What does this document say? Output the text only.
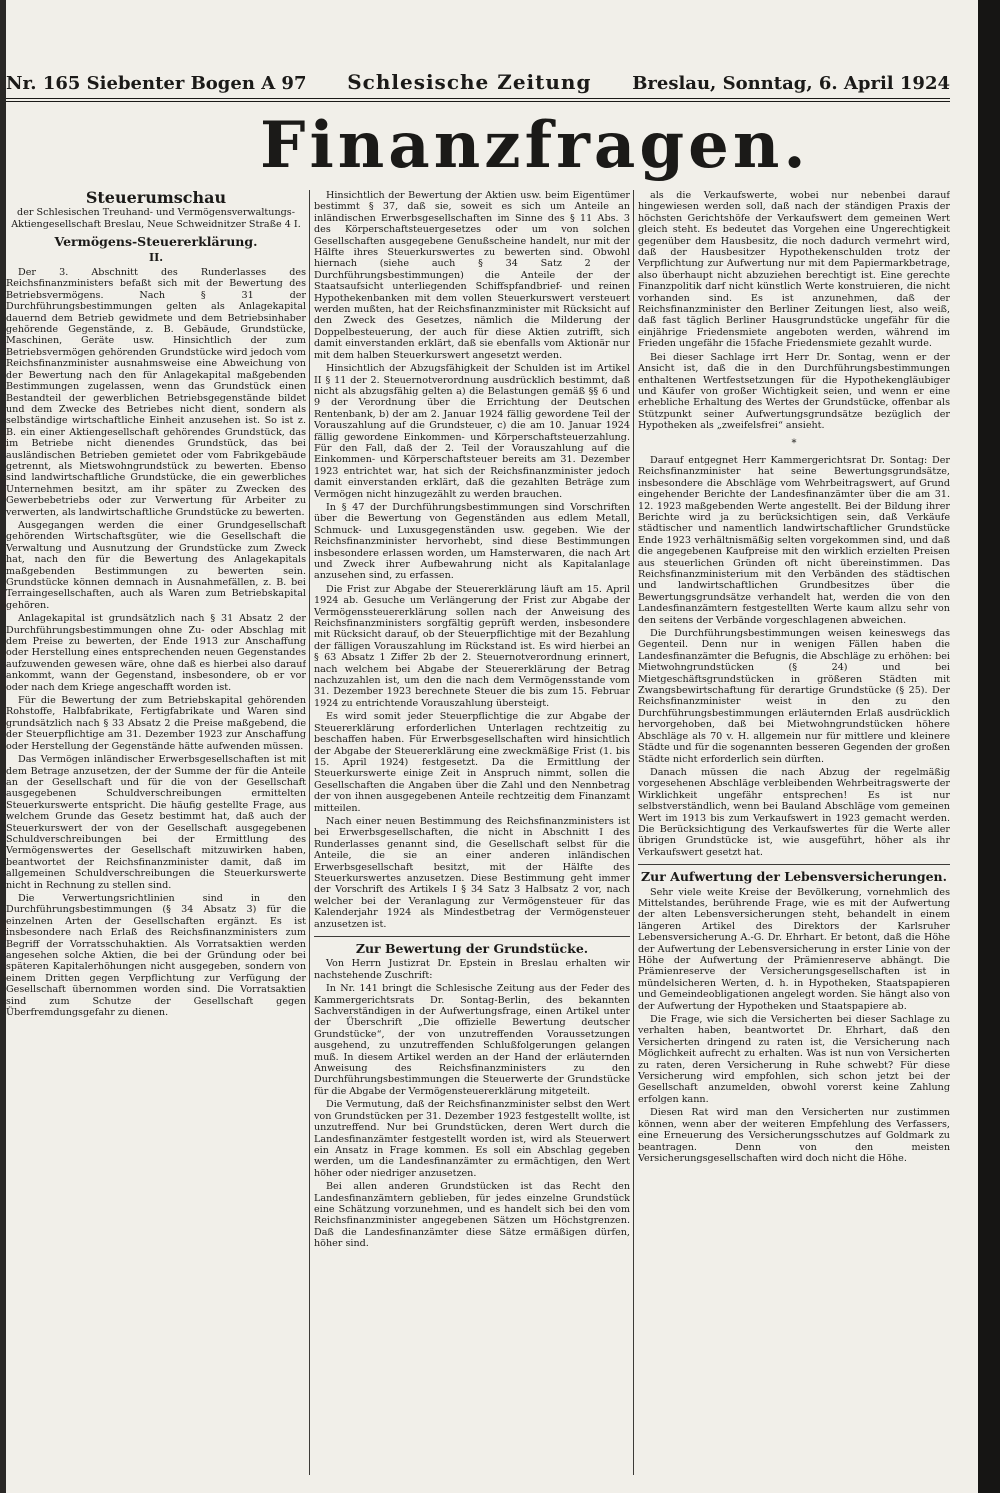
Nr. 165 Siebenter Bogen A 97 Schlesische Zeitung Breslau, Sonntag, 6. April 1924
Finanzfragen.
Steuerumschau
der Schlesischen Treuhand- und Vermögensverwaltungs-Aktiengesellschaft Breslau, Neue Schweidnitzer Straße 4 I.
Vermögens-Steuererklärung.
II.

Der 3. Abschnitt des Runderlasses des Reichsfinanzministers befaßt sich mit der Bewertung des Betriebsvermögens. Nach § 31 der Durchführungsbestimmungen gelten als Anlagekapital dauernd dem Betrieb gewidmete und dem Betriebsinhaber gehörende Gegenstände, z. B. Gebäude, Grundstücke, Maschinen, Geräte usw. Hinsichtlich der zum Betriebsvermögen gehörenden Grundstücke wird jedoch vom Reichsfinanzminister ausnahmsweise eine Abweichung von der Bewertung nach den für Anlagekapital maßgebenden Bestimmungen zugelassen, wenn das Grundstück einen Bestandteil der gewerblichen Betriebsgegenstände bildet und dem Zwecke des Betriebes nicht dient, sondern als selbständige wirtschaftliche Einheit anzusehen ist. So ist z. B. ein einer Aktiengesellschaft gehörendes Grundstück, das im Betriebe nicht dienendes Grundstück, das bei ausländischen Betrieben gemietet oder vom Fabrikgebäude getrennt, als Mietswohngrundstück zu bewerten. Ebenso sind landwirtschaftliche Grundstücke, die ein gewerbliches Unternehmen besitzt, am ihr später zu Zwecken des Gewerbebetriebs oder zur Verwertung für Arbeiter zu verwerten, als landwirtschaftliche Grundstücke zu bewerten.

Ausgegangen werden die einer Grundgesellschaft gehörenden Wirtschaftsgüter, wie die Gesellschaft die Verwaltung und Ausnutzung der Grundstücke zum Zweck hat, nach den für die Bewertung des Anlagekapitals maßgebenden Bestimmungen zu bewerten sein. Grundstücke können demnach in Ausnahmefällen, z. B. bei Terraingesellschaften, auch als Waren zum Betriebskapital gehören.

Anlagekapital ist grundsätzlich nach § 31 Absatz 2 der Durchführungsbestimmungen ohne Zu- oder Abschlag mit dem Preise zu bewerten, der Ende 1913 zur Anschaffung oder Herstellung eines entsprechenden neuen Gegenstandes aufzuwenden gewesen wäre, ohne daß es hierbei also darauf ankommt, wann der Gegenstand, insbesondere, ob er vor oder nach dem Kriege angeschafft worden ist.

Für die Bewertung der zum Betriebskapital gehörenden Rohstoffe, Halbfabrikate, Fertigfabrikate und Waren sind grundsätzlich nach § 33 Absatz 2 die Preise maßgebend, die der Steuerpflichtige am 31. Dezember 1923 zur Anschaffung oder Herstellung der Gegenstände hätte aufwenden müssen.

Das Vermögen inländischer Erwerbsgesellschaften ist mit dem Betrage anzusetzen, der der Summe der für die Anteile an der Gesellschaft und für die von der Gesellschaft ausgegebenen Schuldverschreibungen ermittelten Steuerkurswerte entspricht. Die häufig gestellte Frage, aus welchem Grunde das Gesetz bestimmt hat, daß auch der Steuerkurswert der von der Gesellschaft ausgegebenen Schuldverschreibungen bei der Ermittlung des Vermögenswertes der Gesellschaft mitzuwirken haben, beantwortet der Reichsfinanzminister damit, daß im allgemeinen Schuldverschreibungen die Steuerkurswerte nicht in Rechnung zu stellen sind.

Die Verwertungsrichtlinien sind in den Durchführungsbestimmungen (§ 34 Absatz 3) für die einzelnen Arten der Gesellschaften ergänzt. Es ist insbesondere nach Erlaß des Reichsfinanzministers zum Begriff der Vorratsschuhaktien. Als Vorratsaktien werden angesehen solche Aktien, die bei der Gründung oder bei späteren Kapitalerhöhungen nicht ausgegeben, sondern von einem Dritten gegen Verpflichtung zur Verfügung der Gesellschaft übernommen worden sind. Die Vorratsaktien sind zum Schutze der Gesellschaft gegen Überfremdungsgefahr zu dienen.

Hinsichtlich der Bewertung der Aktien usw. beim Eigentümer bestimmt § 37, daß sie, soweit es sich um Anteile an inländischen Erwerbsgesellschaften im Sinne des § 11 Abs. 3 des Körperschaftsteuergesetzes oder um von solchen Gesellschaften ausgegebene Genußscheine handelt, nur mit der Hälfte ihres Steuerkurswertes zu bewerten sind. Obwohl hiernach (siehe auch § 34 Satz 2 der Durchführungsbestimmungen) die Anteile der der Staatsaufsicht unterliegenden Schiffspfandbrief- und reinen Hypothekenbanken mit dem vollen Steuerkurswert versteuert werden mußten, hat der Reichsfinanzminister mit Rücksicht auf den Zweck des Gesetzes, nämlich die Milderung der Doppelbesteuerung, der auch für diese Aktien zutrifft, sich damit einverstanden erklärt, daß sie ebenfalls vom Aktionär nur mit dem halben Steuerkurswert angesetzt werden.

Hinsichtlich der Abzugsfähigkeit der Schulden ist im Artikel II § 11 der 2. Steuernotverordnung ausdrücklich bestimmt, daß nicht als abzugsfähig gelten a) die Belastungen gemäß §§ 6 und 9 der Verordnung über die Errichtung der Deutschen Rentenbank, b) der am 2. Januar 1924 fällig gewordene Teil der Vorauszahlung auf die Grundsteuer, c) die am 10. Januar 1924 fällig gewordene Einkommen- und Körperschaftsteuerzahlung. Für den Fall, daß der 2. Teil der Vorauszahlung auf die Einkommen- und Körperschaftsteuer bereits am 31. Dezember 1923 entrichtet war, hat sich der Reichsfinanzminister jedoch damit einverstanden erklärt, daß die gezahlten Beträge zum Vermögen nicht hinzugezählt zu werden brauchen.

In § 47 der Durchführungsbestimmungen sind Vorschriften über die Bewertung von Gegenständen aus edlem Metall, Schmuck- und Luxusgegenständen usw. gegeben. Wie der Reichsfinanzminister hervorhebt, sind diese Bestimmungen insbesondere erlassen worden, um Hamsterwaren, die nach Art und Zweck ihrer Aufbewahrung nicht als Kapitalanlage anzusehen sind, zu erfassen.

Die Frist zur Abgabe der Steuererklärung läuft am 15. April 1924 ab. Gesuche um Verlängerung der Frist zur Abgabe der Vermögenssteuererklärung sollen nach der Anweisung des Reichsfinanzministers sorgfältig geprüft werden, insbesondere mit Rücksicht darauf, ob der Steuerpflichtige mit der Bezahlung der fälligen Vorauszahlung im Rückstand ist. Es wird hierbei an § 63 Absatz 1 Ziffer 2b der 2. Steuernotverordnung erinnert, nach welchem bei Abgabe der Steuererklärung der Betrag nachzuzahlen ist, um den die nach dem Vermögensstande vom 31. Dezember 1923 berechnete Steuer die bis zum 15. Februar 1924 zu entrichtende Vorauszahlung übersteigt.

Es wird somit jeder Steuerpflichtige die zur Abgabe der Steuererklärung erforderlichen Unterlagen rechtzeitig zu beschaffen haben. Für Erwerbsgesellschaften wird hinsichtlich der Abgabe der Steuererklärung eine zweckmäßige Frist (1. bis 15. April 1924) festgesetzt. Da die Ermittlung der Steuerkurswerte einige Zeit in Anspruch nimmt, sollen die Gesellschaften die Angaben über die Zahl und den Nennbetrag der von ihnen ausgegebenen Anteile rechtzeitig dem Finanzamt mitteilen.

Nach einer neuen Bestimmung des Reichsfinanzministers ist bei Erwerbsgesellschaften, die nicht in Abschnitt I des Runderlasses genannt sind, die Gesellschaft selbst für die Anteile, die sie an einer anderen inländischen Erwerbsgesellschaft besitzt, mit der Hälfte des Steuerkurswertes anzusetzen. Diese Bestimmung geht immer der Vorschrift des Artikels I § 34 Satz 3 Halbsatz 2 vor, nach welcher bei der Veranlagung zur Vermögensteuer für das Kalenderjahr 1924 als Mindestbetrag der Vermögensteuer anzusetzen ist.

Zur Bewertung der Grundstücke.

Von Herrn Justizrat Dr. Epstein in Breslau erhalten wir nachstehende Zuschrift:

In Nr. 141 bringt die Schlesische Zeitung aus der Feder des Kammergerichtsrats Dr. Sontag-Berlin, des bekannten Sachverständigen in der Aufwertungsfrage, einen Artikel unter der Überschrift „Die offizielle Bewertung deutscher Grundstücke“, der von unzutreffenden Voraussetzungen ausgehend, zu unzutreffenden Schlußfolgerungen gelangen muß. In diesem Artikel werden an der Hand der erläuternden Anweisung des Reichsfinanzministers zu den Durchführungsbestimmungen die Steuerwerte der Grundstücke für die Abgabe der Vermögensteuererklärung mitgeteilt.

Die Vermutung, daß der Reichsfinanzminister selbst den Wert von Grundstücken per 31. Dezember 1923 festgestellt wollte, ist unzutreffend. Nur bei Grundstücken, deren Wert durch die Landesfinanzämter festgestellt worden ist, wird als Steuerwert ein Ansatz in Frage kommen. Es soll ein Abschlag gegeben werden, um die Landesfinanzämter zu ermächtigen, den Wert höher oder niedriger anzusetzen.

Bei allen anderen Grundstücken ist das Recht den Landesfinanzämtern geblieben, für jedes einzelne Grundstück eine Schätzung vorzunehmen, und es handelt sich bei den vom Reichsfinanzminister angegebenen Sätzen um Höchstgrenzen. Daß die Landesfinanzämter diese Sätze ermäßigen dürfen, höher sind.

als die Verkaufswerte, wobei nur nebenbei darauf hingewiesen werden soll, daß nach der ständigen Praxis der höchsten Gerichtshöfe der Verkaufswert dem gemeinen Wert gleich steht. Es bedeutet das Vorgehen eine Ungerechtigkeit gegenüber dem Hausbesitz, die noch dadurch vermehrt wird, daß der Hausbesitzer Hypothekenschulden trotz der Verpflichtung zur Aufwertung nur mit dem Papiermarkbetrage, also überhaupt nicht abzuziehen berechtigt ist. Eine gerechte Finanzpolitik darf nicht künstlich Werte konstruieren, die nicht vorhanden sind. Es ist anzunehmen, daß der Reichsfinanzminister den Berliner Zeitungen liest, also weiß, daß fast täglich Berliner Hausgrundstücke ungefähr für die einjährige Friedensmiete angeboten werden, während im Frieden ungefähr die 15fache Friedensmiete gezahlt wurde.

Bei dieser Sachlage irrt Herr Dr. Sontag, wenn er der Ansicht ist, daß die in den Durchführungsbestimmungen enthaltenen Wertfestsetzungen für die Hypothekengläubiger und Käufer von großer Wichtigkeit seien, und wenn er eine erhebliche Erhaltung des Wertes der Grundstücke, offenbar als Stützpunkt seiner Aufwertungsgrundsätze bezüglich der Hypotheken als „zweifelsfrei“ ansieht.

*

Darauf entgegnet Herr Kammergerichtsrat Dr. Sontag: Der Reichsfinanzminister hat seine Bewertungsgrundsätze, insbesondere die Abschläge vom Wehrbeitragswert, auf Grund eingehender Berichte der Landesfinanzämter über die am 31. 12. 1923 maßgebenden Werte angestellt. Bei der Bildung ihrer Berichte wird ja zu berücksichtigen sein, daß Verkäufe städtischer und namentlich landwirtschaftlicher Grundstücke Ende 1923 verhältnismäßig selten vorgekommen sind, und daß die angegebenen Kaufpreise mit den wirklich erzielten Preisen aus steuerlichen Gründen oft nicht übereinstimmen. Das Reichsfinanzministerium mit den Verbänden des städtischen und landwirtschaftlichen Grundbesitzes über die Bewertungsgrundsätze verhandelt hat, werden die von den Landesfinanzämtern festgestellten Werte kaum allzu sehr von den seitens der Verbände vorgeschlagenen abweichen.

Die Durchführungsbestimmungen weisen keineswegs das Gegenteil. Denn nur in wenigen Fällen haben die Landesfinanzämter die Befugnis, die Abschläge zu erhöhen: bei Mietwohngrundstücken (§ 24) und bei Mietgeschäftsgrundstücken in größeren Städten mit Zwangsbewirtschaftung für derartige Grundstücke (§ 25). Der Reichsfinanzminister weist in den zu den Durchführungsbestimmungen erläuternden Erlaß ausdrücklich hervorgehoben, daß bei Mietwohngrundstücken höhere Abschläge als 70 v. H. allgemein nur für mittlere und kleinere Städte und für die sogenannten besseren Gegenden der großen Städte nicht erforderlich sein dürften.

Danach müssen die nach Abzug der regelmäßig vorgesehenen Abschläge verbleibenden Wehrbeitragswerte der Wirklichkeit ungefähr entsprechen! Es ist nur selbstverständlich, wenn bei Bauland Abschläge vom gemeinen Wert im 1913 bis zum Verkaufswert in 1923 gemacht werden. Die Berücksichtigung des Verkaufswertes für die Werte aller übrigen Grundstücke ist, wie ausgeführt, höher als ihr Verkaufswert gesetzt hat.

Zur Aufwertung der Lebensversicherungen.

Sehr viele weite Kreise der Bevölkerung, vornehmlich des Mittelstandes, berührende Frage, wie es mit der Aufwertung der alten Lebensversicherungen steht, behandelt in einem längeren Artikel des Direktors der Karlsruher Lebensversicherung A.-G. Dr. Ehrhart. Er betont, daß die Höhe der Aufwertung der Lebensversicherung in erster Linie von der Höhe der Aufwertung der Prämienreserve abhängt. Die Prämienreserve der Versicherungsgesellschaften ist in mündelsicheren Werten, d. h. in Hypotheken, Staatspapieren und Gemeindeobligationen angelegt worden. Sie hängt also von der Aufwertung der Hypotheken und Staatspapiere ab.

Die Frage, wie sich die Versicherten bei dieser Sachlage zu verhalten haben, beantwortet Dr. Ehrhart, daß den Versicherten dringend zu raten ist, die Versicherung nach Möglichkeit aufrecht zu erhalten. Was ist nun von Versicherten zu raten, deren Versicherung in Ruhe schwebt? Für diese Versicherung wird empfohlen, sich schon jetzt bei der Gesellschaft anzumelden, obwohl vorerst keine Zahlung erfolgen kann.

Diesen Rat wird man den Versicherten nur zustimmen können, wenn aber der weiteren Empfehlung des Verfassers, eine Erneuerung des Versicherungsschutzes auf Goldmark zu beantragen. Denn von den meisten Versicherungsgesellschaften wird doch nicht die Höhe.
